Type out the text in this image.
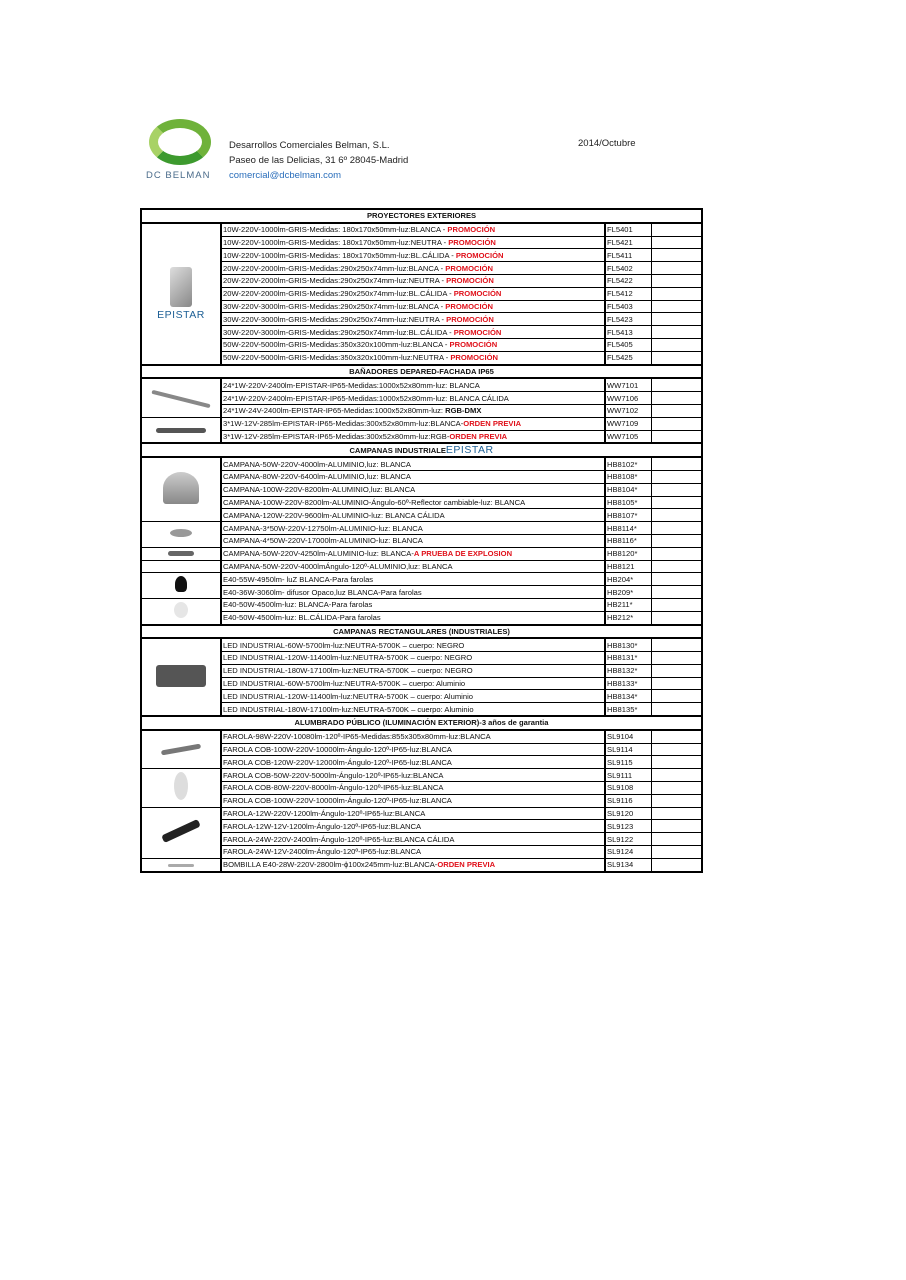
DC BELMAN
Desarrollos Comerciales Belman, S.L.
Paseo de las Delicias, 31 6º 28045-Madrid
comercial@dcbelman.com
2014/Octubre
PROYECTORES EXTERIORES			

EPISTAR	10W-220V-1000lm-GRIS-Medidas: 180x170x50mm-luz:BLANCA - PROMOCIÓN	FL5401	
	10W-220V-1000lm-GRIS-Medidas: 180x170x50mm-luz:NEUTRA - PROMOCIÓN	FL5421	
	10W-220V-1000lm-GRIS-Medidas: 180x170x50mm-luz:BL.CÁLIDA - PROMOCIÓN	FL5411	
	20W-220V-2000lm-GRIS-Medidas:290x250x74mm-luz:BLANCA - PROMOCIÓN	FL5402	
	20W-220V-2000lm-GRIS-Medidas:290x250x74mm-luz:NEUTRA - PROMOCIÓN	FL5422	
	20W-220V-2000lm-GRIS-Medidas:290x250x74mm-luz:BL.CÁLIDA - PROMOCIÓN	FL5412	
	30W-220V-3000lm-GRIS-Medidas:290x250x74mm-luz:BLANCA - PROMOCIÓN	FL5403	
	30W-220V-3000lm-GRIS-Medidas:290x250x74mm-luz:NEUTRA - PROMOCIÓN	FL5423	
	30W-220V-3000lm-GRIS-Medidas:290x250x74mm-luz:BL.CÁLIDA - PROMOCIÓN	FL5413	
	50W-220V-5000lm-GRIS-Medidas:350x320x100mm-luz:BLANCA - PROMOCIÓN	FL5405	
	50W-220V-5000lm-GRIS-Medidas:350x320x100mm-luz:NEUTRA - PROMOCIÓN	FL5425	
BAÑADORES DEPARED-FACHADA IP65			
	24*1W-220V-2400lm-EPISTAR-IP65-Medidas:1000x52x80mm-luz: BLANCA	WW7101	
	24*1W-220V-2400lm-EPISTAR-IP65-Medidas:1000x52x80mm-luz: BLANCA CÁLIDA	WW7106	
	24*1W-24V-2400lm-EPISTAR-IP65-Medidas:1000x52x80mm-luz: RGB-DMX	WW7102	
	3*1W-12V-285lm-EPISTAR-IP65-Medidas:300x52x80mm-luz:BLANCA-ORDEN PREVIA	WW7109	
	3*1W-12V-285lm-EPISTAR-IP65-Medidas:300x52x80mm-luz:RGB-ORDEN PREVIA	WW7105	
CAMPANAS INDUSTRIALEEPISTAR			
	CAMPANA-50W-220V-4000lm-ALUMINIO,luz: BLANCA	HB8102*	
	CAMPANA-80W-220V-6400lm-ALUMINIO,luz: BLANCA	HB8108*	
	CAMPANA-100W-220V-8200lm-ALUMINIO,luz: BLANCA	HB8104*	
	CAMPANA-100W-220V-8200lm-ALUMINIO-Ángulo-60º-Reflector cambiable-luz: BLANCA	HB8105*	
	CAMPANA-120W-220V-9600lm-ALUMINIO-luz: BLANCA CÁLIDA	HB8107*	
	CAMPANA-3*50W-220V-12750lm-ALUMINIO-luz: BLANCA	HB8114*	
	CAMPANA-4*50W-220V-17000lm-ALUMINIO-luz: BLANCA	HB8116*	
	CAMPANA-50W-220V-4250lm-ALUMINIO-luz: BLANCA-A PRUEBA DE EXPLOSION	HB8120*	
	CAMPANA-50W-220V-4000lmÁngulo-120º-ALUMINIO,luz: BLANCA	HB8121	
	E40-55W-4950lm- luZ BLANCA-Para farolas	HB204*	
	E40-36W-3060lm- difusor Opaco,luz BLANCA-Para farolas	HB209*	
	E40-50W-4500lm-luz: BLANCA-Para farolas	HB211*	
	E40-50W-4500lm-luz: BL.CÁLIDA-Para farolas	HB212*	
CAMPANAS RECTANGULARES (INDUSTRIALES)			
	LED INDUSTRIAL-60W-5700lm-luz:NEUTRA-5700K – cuerpo: NEGRO	HB8130*	
	LED INDUSTRIAL-120W-11400lm-luz:NEUTRA-5700K – cuerpo: NEGRO	HB8131*	
	LED INDUSTRIAL-180W-17100lm-luz:NEUTRA-5700K – cuerpo: NEGRO	HB8132*	
	LED INDUSTRIAL-60W-5700lm-luz:NEUTRA-5700K – cuerpo: Aluminio	HB8133*	
	LED INDUSTRIAL-120W-11400lm-luz:NEUTRA-5700K – cuerpo: Aluminio	HB8134*	
	LED INDUSTRIAL-180W-17100lm-luz:NEUTRA-5700K – cuerpo: Aluminio	HB8135*	
ALUMBRADO PÚBLICO (ILUMINACIÓN EXTERIOR)-3 años de garantia			
	FAROLA-98W-220V-10080lm-120º-IP65-Medidas:855x305x80mm-luz:BLANCA	SL9104	
	FAROLA COB-100W-220V-10000lm-Ángulo-120º-IP65-luz:BLANCA	SL9114	
	FAROLA COB-120W-220V-12000lm-Ángulo-120º-IP65-luz:BLANCA	SL9115	
	FAROLA COB-50W-220V-5000lm-Ángulo-120º-IP65-luz:BLANCA	SL9111	
	FAROLA COB-80W-220V-8000lm-Ángulo-120º-IP65-luz:BLANCA	SL9108	
	FAROLA COB-100W-220V-10000lm-Ángulo-120º-IP65-luz:BLANCA	SL9116	
	FAROLA-12W-220V-1200lm-Ángulo-120º-IP65-luz:BLANCA	SL9120	
	FAROLA-12W-12V-1200lm-Ángulo-120º-IP65-luz:BLANCA	SL9123	
	FAROLA-24W-220V-2400lm-Ángulo-120º-IP65-luz:BLANCA CÁLIDA	SL9122	
	FAROLA-24W-12V-2400lm-Ángulo-120º-IP65-luz:BLANCA	SL9124	
	BOMBILLA E40-28W-220V-2800lm-ϕ100x245mm-luz:BLANCA-ORDEN PREVIA	SL9134	
